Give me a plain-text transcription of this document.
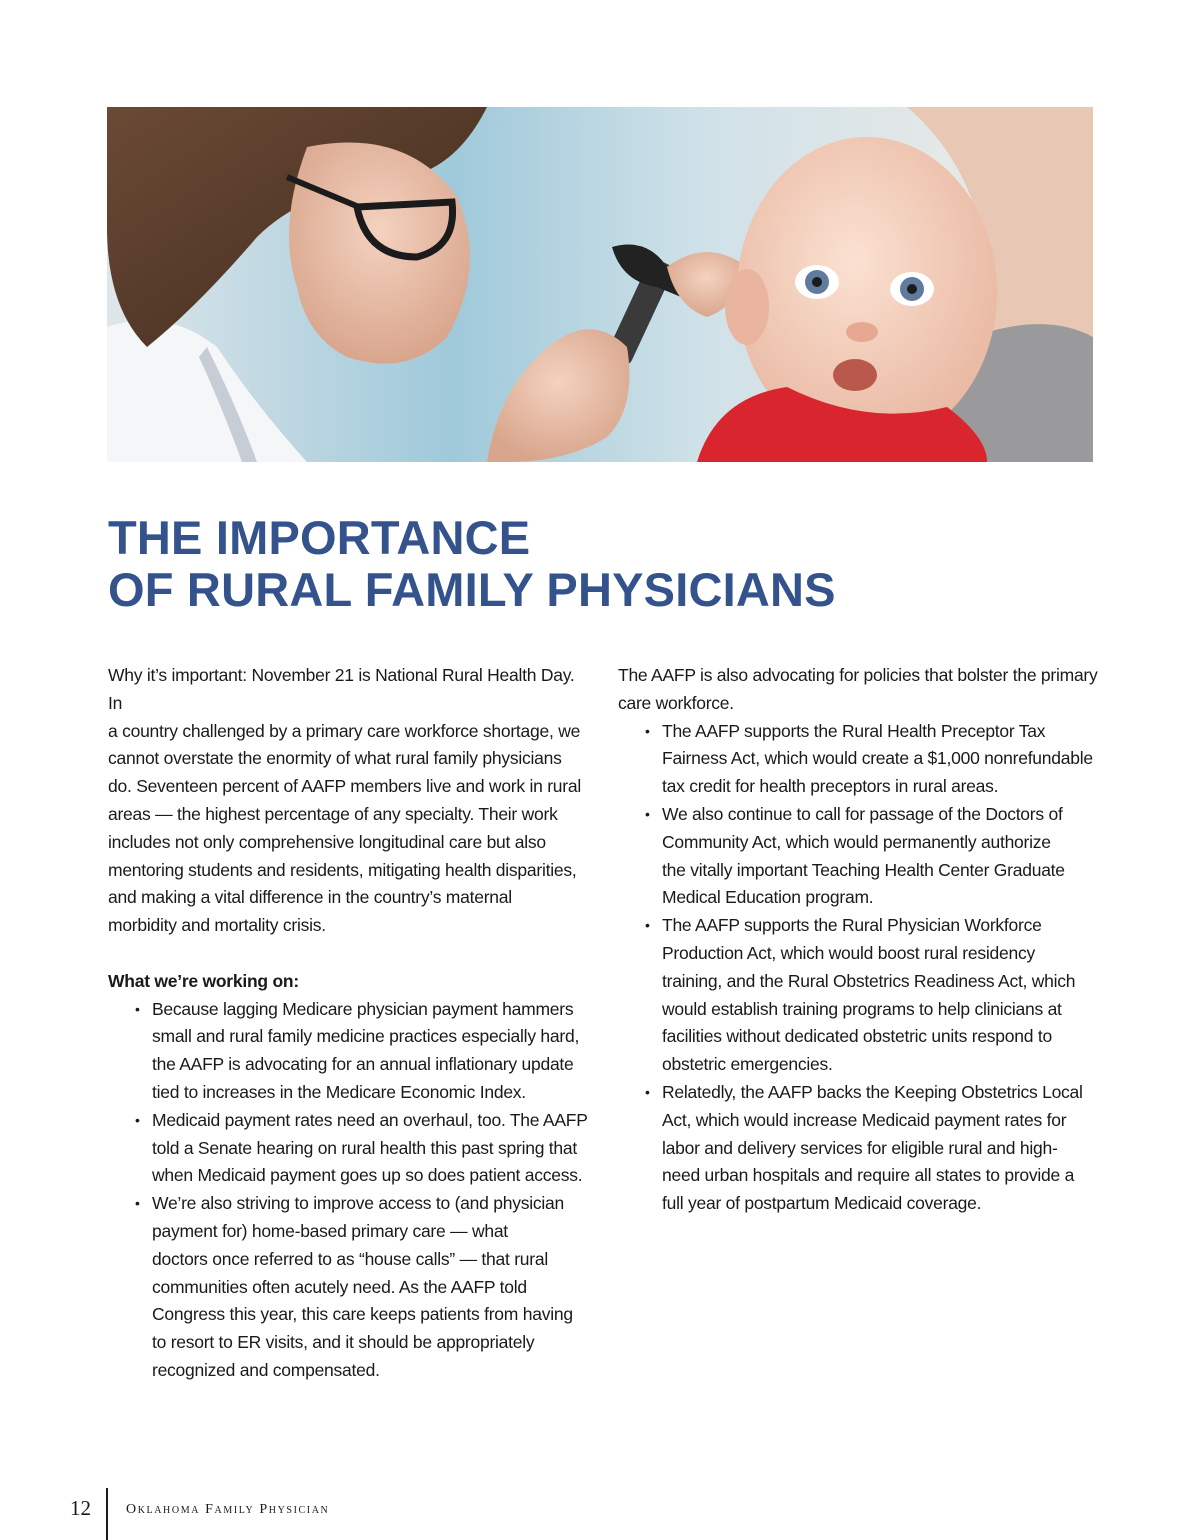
THE IMPORTANCE
OF RURAL FAMILY PHYSICIANS

Why it’s important: November 21 is National Rural Health Day. In
a country challenged by a primary care workforce shortage, we
cannot overstate the enormity of what rural family physicians
do. Seventeen percent of AAFP members live and work in rural
areas — the highest percentage of any specialty. Their work
includes not only comprehensive longitudinal care but also
mentoring students and residents, mitigating health disparities,
and making a vital difference in the country’s maternal
morbidity and mortality crisis.

What we’re working on:

• Because lagging Medicare physician payment hammers
small and rural family medicine practices especially hard,
the AAFP is advocating for an annual inflationary update
tied to increases in the Medicare Economic Index.
• Medicaid payment rates need an overhaul, too. The AAFP
told a Senate hearing on rural health this past spring that
when Medicaid payment goes up so does patient access.
• We’re also striving to improve access to (and physician
payment for) home-based primary care — what
doctors once referred to as “house calls” — that rural
communities often acutely need. As the AAFP told
Congress this year, this care keeps patients from having
to resort to ER visits, and it should be appropriately
recognized and compensated.

The AAFP is also advocating for policies that bolster the primary
care workforce.

• The AAFP supports the Rural Health Preceptor Tax
Fairness Act, which would create a $1,000 nonrefundable
tax credit for health preceptors in rural areas.
• We also continue to call for passage of the Doctors of
Community Act, which would permanently authorize
the vitally important Teaching Health Center Graduate
Medical Education program.
• The AAFP supports the Rural Physician Workforce
Production Act, which would boost rural residency
training, and the Rural Obstetrics Readiness Act, which
would establish training programs to help clinicians at
facilities without dedicated obstetric units respond to
obstetric emergencies.
• Relatedly, the AAFP backs the Keeping Obstetrics Local
Act, which would increase Medicaid payment rates for
labor and delivery services for eligible rural and high-
need urban hospitals and require all states to provide a
full year of postpartum Medicaid coverage.
12	Oklahoma Family Physician
